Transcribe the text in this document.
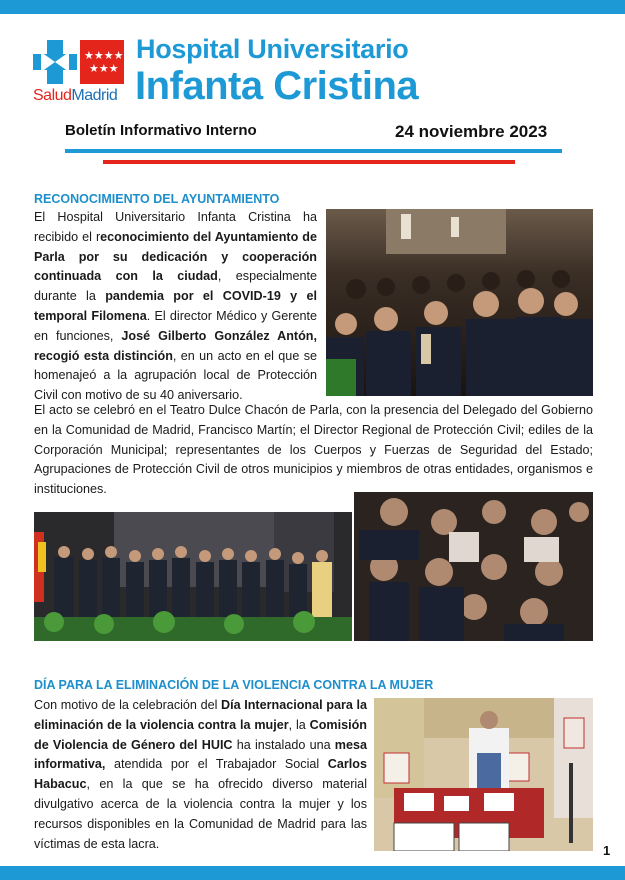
★★★★
★★★
SaludMadrid
Hospital Universitario
Infanta Cristina
Boletín Informativo Interno	24 noviembre 2023
RECONOCIMIENTO DEL AYUNTAMIENTO
El Hospital Universitario Infanta Cristina ha recibido el reconocimiento del Ayuntamiento de Parla por su dedicación y cooperación continuada con la ciudad, especialmente durante la pandemia por el COVID-19 y el temporal Filomena. El director Médico y Gerente en funciones, José Gilberto González Antón, recogió esta distinción, en un acto en el que se homenajeó a la agrupación local de Protección Civil con motivo de su 40 aniversario.
El acto se celebró en el Teatro Dulce Chacón de Parla, con la presencia del Delegado del Gobierno en la Comunidad de Madrid, Francisco Martín; el Director Regional de Protección Civil; ediles de la Corporación Municipal; representantes de los Cuerpos y Fuerzas de Seguridad del Estado; Agrupaciones de Protección Civil de otros municipios y miembros de otras entidades, organismos e instituciones.
DÍA PARA LA ELIMINACIÓN DE LA VIOLENCIA CONTRA LA MUJER
Con motivo de la celebración del Día Internacional para la eliminación de la violencia contra la mujer, la Comisión de Violencia de Género del HUIC ha instalado una mesa informativa, atendida por el Trabajador Social Carlos Habacuc, en la que se ha ofrecido diverso material divulgativo acerca de la violencia contra la mujer y los recursos disponibles en la Comunidad de Madrid para las víctimas de esta lacra.	1
